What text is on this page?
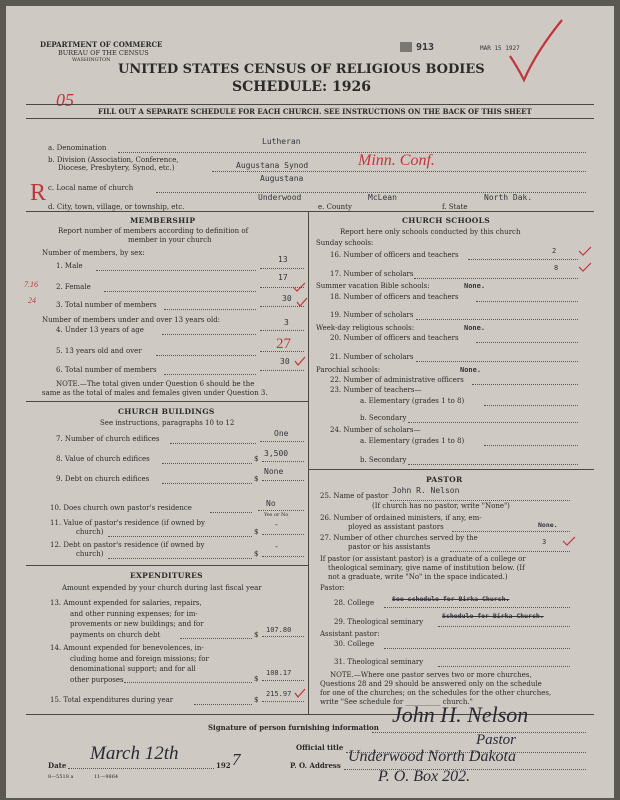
DEPARTMENT OF COMMERCE
BUREAU OF THE CENSUS
WASHINGTON
913	MAR 15 1927
UNITED STATES CENSUS OF RELIGIOUS BODIES
SCHEDULE: 1926
05
FILL OUT A SEPARATE SCHEDULE FOR EACH CHURCH. SEE INSTRUCTIONS ON THE BACK OF THIS SHEET
a. Denomination
Lutheran
b. Division (Association, Conference,
Diocese, Presbytery, Synod, etc.)	Augustana Synod	Minn. Conf.
R c. Local name of church
Augustana
d. City, town, village, or township, etc.
Underwood
e. County
McLean
f. State
North Dak.
MEMBERSHIP
Report number of members according to definition of
member in your church
Number of members, by sex:
1. Male
13
7.16
24
2. Female
17
3. Total number of members
30
Number of members under and over 13 years old:
4. Under 13 years of age
3
5. 13 years old and over	27
6. Total number of members
30
NOTE.—The total given under Question 6 should be the
same as the total of males and females given under Question 3.
CHURCH BUILDINGS
See instructions, paragraphs 10 to 12
7. Number of church edifices
One
8. Value of church edifices	$
3,500
9. Debt on church edifices	$
None
10. Does church own pastor's residence	No
Yes or No
11. Value of pastor's residence (if owned by
church)	$
-
12. Debt on pastor's residence (if owned by
church)	$
-
EXPENDITURES
Amount expended by your church during last fiscal year
13. Amount expended for salaries, repairs,
and other running expenses; for im-
provements or new buildings; and for
payments on church debt	$
107.80
14. Amount expended for benevolences, in-
cluding home and foreign missions; for
denominational support; and for all
other purposes	$
108.17
15. Total expenditures during year	$
215.97
CHURCH SCHOOLS
Report here only schools conducted by this church
Sunday schools:
16. Number of officers and teachers	2
17. Number of scholars
8
Summer vacation Bible schools:	None.
18. Number of officers and teachers
19. Number of scholars
Week-day religious schools:	None.
20. Number of officers and teachers
21. Number of scholars
Parochial schools:	None.
22. Number of administrative officers
23. Number of teachers—
a. Elementary (grades 1 to 8)
b. Secondary
24. Number of scholars—
a. Elementary (grades 1 to 8)
b. Secondary
PASTOR
25. Name of pastor
John R. Nelson
(If church has no pastor, write "None")
26. Number of ordained ministers, if any, em-
ployed as assistant pastors	None.
27. Number of other churches served by the
pastor or his assistants
3
If pastor (or assistant pastor) is a graduate of a college or
theological seminary, give name of institution below. (If
not a graduate, write "No" in the space indicated.)
Pastor:
28. College	See schedule for Birka Church.
29. Theological seminary
Schedule for Birka Church.
Assistant pastor:
30. College
31. Theological seminary
NOTE.—Where one pastor serves two or more churches,
Questions 28 and 29 should be answered only on the schedule
for one of the churches; on the schedules for the other churches,
write "See schedule for __________ church."
Signature of person furnishing information
John H. Nelson
Official title	Pastor
Date
March 12th
192 7	P. O. Address
Underwood North Dakota
P. O. Box 202.
8—5518 a	11—9864
